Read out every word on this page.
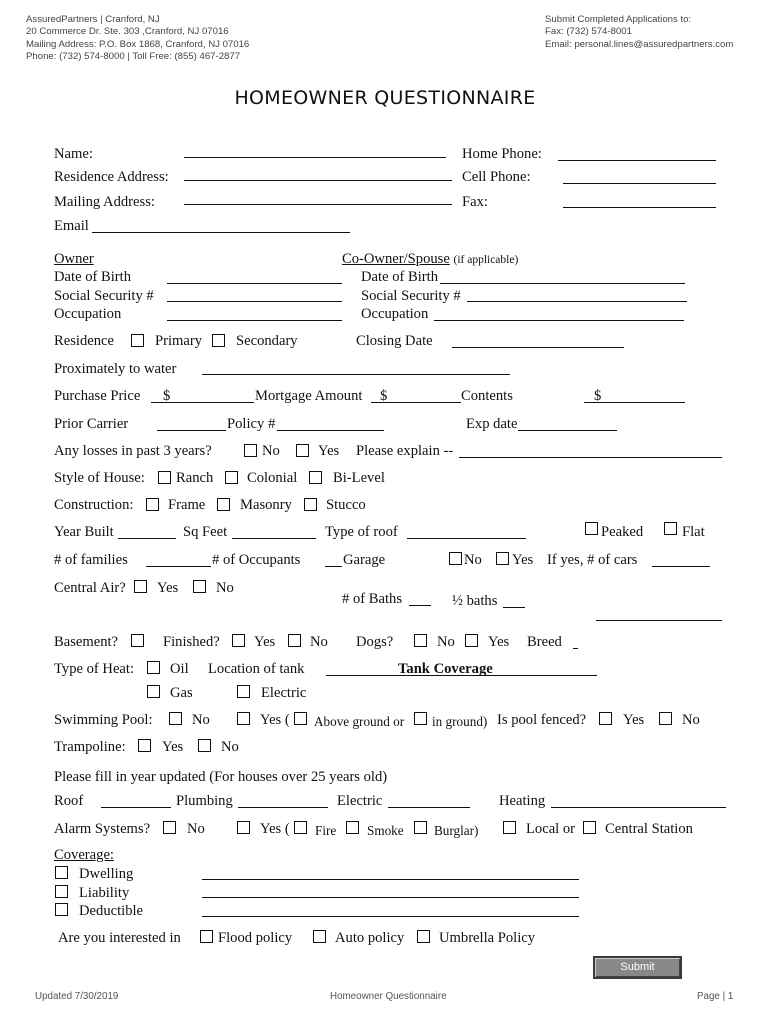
AssuredPartners | Cranford, NJ
20 Commerce Dr. Ste. 303 ,Cranford, NJ 07016
Mailing Address: P.O. Box 1868, Cranford, NJ 07016
Phone: (732) 574-8000 | Toll Free: (855) 467-2877
Submit Completed Applications to:
Fax: (732) 574-8001
Email: personal.lines@assuredpartners.com
HOMEOWNER QUESTIONNAIRE
Name:	Home Phone:
Residence Address:	Cell Phone:
Mailing Address:	Fax:
Email
Owner	Co-Owner/Spouse (if applicable)
Date of Birth	Date of Birth
Social Security #	Social Security #
Occupation	Occupation
Residence	Primary Secondary	Closing Date
Proximately to water
Purchase Price $	Mortgage Amount $	Contents	$
Prior Carrier	Policy #	Exp date
Any losses in past 3 years?	No	Yes Please explain --
Style of House: Ranch Colonial Bi-Level
Construction: Frame Masonry Stucco
Year Built	Sq Feet	Type of roof	Peaked	Flat
# of families	# of Occupants	Garage	No Yes If yes, # of cars
Central Air? Yes	No
# of Baths	½ baths
Basement?	Finished? Yes No Dogs?	No Yes Breed
Type of Heat: Oil Location of tank	Tank Coverage
Gas	Electric
Swimming Pool:	No	Yes ( Above ground or in ground) Is pool fenced?	Yes	No
Trampoline: Yes	No
Please fill in year updated (For houses over 25 years old)
Roof	Plumbing	Electric	Heating
Alarm Systems?	No	Yes ( Fire Smoke Burglar)	Local or Central Station
Coverage:
Dwelling
Liability
Deductible
Are you interested in	Flood policy	Auto policy Umbrella Policy
Submit
Updated 7/30/2019	Homeowner Questionnaire	Page | 1
